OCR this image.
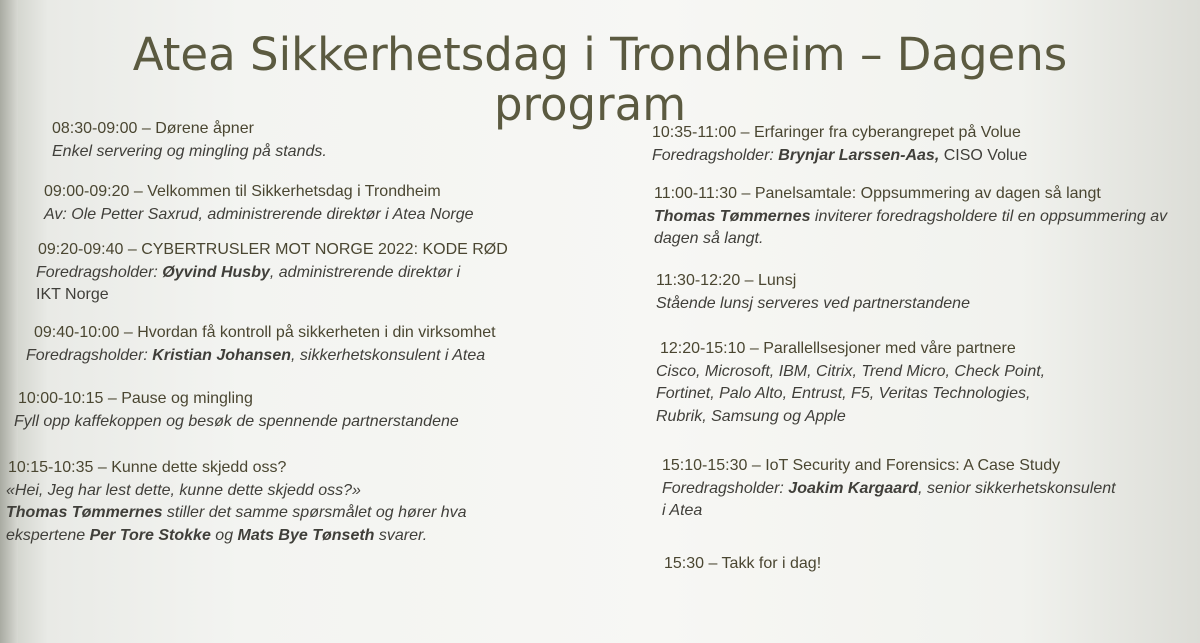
Atea Sikkerhetsdag i Trondheim – Dagens
program
08:30-09:00 – Dørene åpner
Enkel servering og mingling på stands.
09:00-09:20 – Velkommen til Sikkerhetsdag i Trondheim
Av: Ole Petter Saxrud, administrerende direktør i Atea Norge
09:20-09:40 – CYBERTRUSLER MOT NORGE 2022: KODE RØD
Foredragsholder: Øyvind Husby, administrerende direktør i
IKT Norge
09:40-10:00 – Hvordan få kontroll på sikkerheten i din virksomhet
Foredragsholder: Kristian Johansen, sikkerhetskonsulent i Atea
10:00-10:15 – Pause og mingling
Fyll opp kaffekoppen og besøk de spennende partnerstandene
10:15-10:35 – Kunne dette skjedd oss?
«Hei, Jeg har lest dette, kunne dette skjedd oss?»
Thomas Tømmernes stiller det samme spørsmålet og hører hva
ekspertene Per Tore Stokke og Mats Bye Tønseth svarer.
10:35-11:00 – Erfaringer fra cyberangrepet på Volue
Foredragsholder: Brynjar Larssen-Aas, CISO Volue
11:00-11:30 – Panelsamtale: Oppsummering av dagen så langt
Thomas Tømmernes inviterer foredragsholdere til en oppsummering av
dagen så langt.
11:30-12:20 – Lunsj
Stående lunsj serveres ved partnerstandene
12:20-15:10 – Parallellsesjoner med våre partnere
Cisco, Microsoft, IBM, Citrix, Trend Micro, Check Point,
Fortinet, Palo Alto, Entrust, F5, Veritas Technologies,
Rubrik, Samsung og Apple
15:10-15:30 – IoT Security and Forensics: A Case Study
Foredragsholder: Joakim Kargaard, senior sikkerhetskonsulent
i Atea
15:30 – Takk for i dag!
